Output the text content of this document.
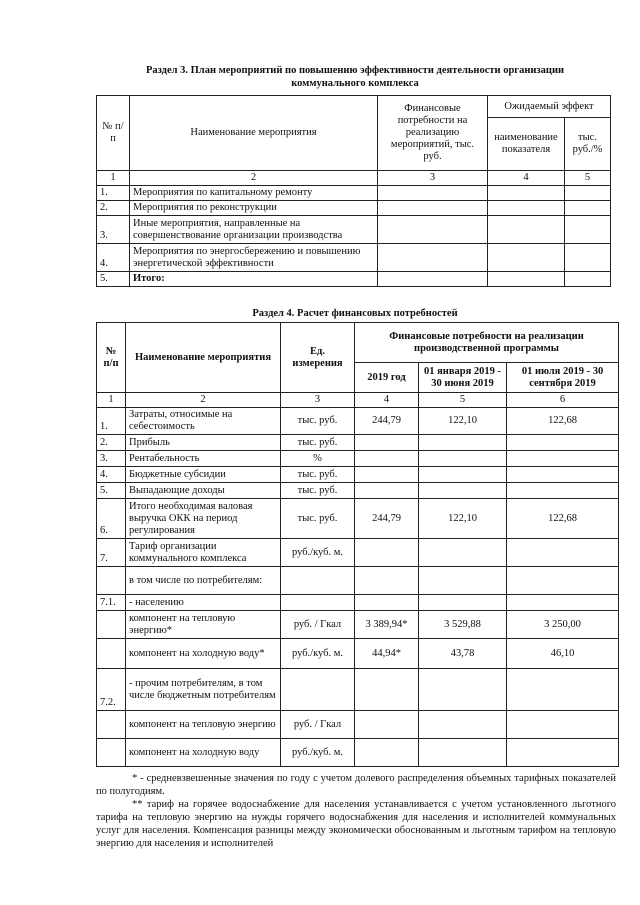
Раздел 3. План мероприятий по повышению эффективности деятельности организации
коммунального комплекса
№ п/п	Наименование мероприятия	Финансовые потребности на реализацию мероприятий, тыс. руб.	Ожидаемый эффект	
			наименование показателя	тыс. руб./%
1	2	3	4	5
1.	Мероприятия по капитальному ремонту			
2.	Мероприятия по реконструкции			
3.	Иные мероприятия, направленные на совершенствование организации производства			
4.	Мероприятия по энергосбережению и повышению энергетической эффективности			
5.	Итого:			
Раздел 4. Расчет финансовых потребностей
№ п/п	Наименование мероприятия	Ед. измерения	Финансовые потребности на реализации производственной программы		
			2019 год	01 января 2019 - 30 июня 2019	01 июля 2019 - 30 сентября 2019
1	2	3	4	5	6
1.	Затраты, относимые на себестоимость	тыс. руб.	244,79	122,10	122,68
2.	Прибыль	тыс. руб.			
3.	Рентабельность	%			
4.	Бюджетные субсидии	тыс. руб.			
5.	Выпадающие доходы	тыс. руб.			
6.	Итого необходимая валовая выручка ОКК на период регулирования	тыс. руб.	244,79	122,10	122,68
7.	Тариф организации коммунального комплекса	руб./куб. м.			
	в том числе по потребителям:				
7.1.	- населению				
	компонент на тепловую энергию*	руб. / Гкал	3 389,94*	3 529,88	3 250,00
	компонент на холодную воду*	руб./куб. м.	44,94*	43,78	46,10
7.2.	- прочим потребителям, в том числе бюджетным потребителям				
	компонент на тепловую энергию	руб. / Гкал			
	компонент на холодную воду	руб./куб. м.			

* - средневзвешенные значения по году с учетом долевого распределения объемных тарифных показателей по полугодиям.

** тариф на горячее водоснабжение для населения устанавливается с учетом установленного льготного тарифа на тепловую энергию на нужды горячего водоснабжения для населения и исполнителей коммунальных услуг для населения. Компенсация разницы между экономически обоснованным и льготным тарифом на тепловую энергию для населения и исполнителей
